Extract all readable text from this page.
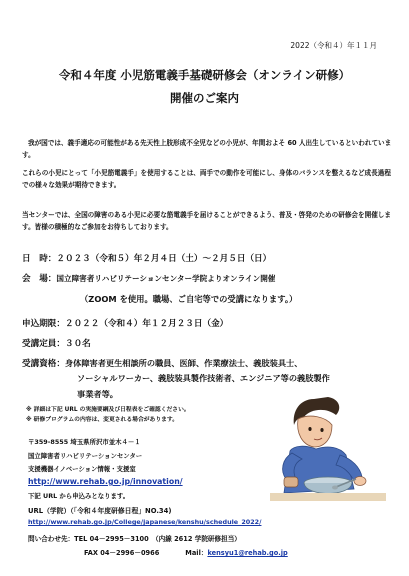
2022（令和４）年１１月
令和４年度 小児筋電義手基礎研修会（オンライン研修）
開催のご案内
我が国では、義手適応の可能性がある先天性上肢形成不全児などの小児が、年間およそ 60 人出生しているといわれています。
これらの小児にとって「小児筋電義手」を使用することは、両手での動作を可能にし、身体のバランスを整えるなど成長過程での様々な効果が期待できます。
当センターでは、全国の障害のある小児に必要な筋電義手を届けることができるよう、普及・啓発のための研修会を開催します。皆様の積極的なご参加をお待ちしております。
日　時：２０２３（令和５）年２月４日（土）～２月５日（日）
会　場：国立障害者リハビリテーションセンター学院よりオンライン開催
（ZOOM を使用。職場、ご自宅等での受講になります。）
申込期限：２０２２（令和４）年１２月２３日（金）
受講定員：３０名
受講資格：身体障害者更生相談所の職員、医師、作業療法士、義肢装具士、
ソーシャルワーカー、義肢装具製作技術者、エンジニア等の義肢製作
事業者等。
※ 詳細は下記 URL の実施要綱及び日程表をご確認ください。
※ 研修プログラムの内容は、変更される場合があります。
〒359-8555 埼玉県所沢市並木４－１
国立障害者リハビリテーションセンター
支援機器イノベーション情報・支援室
http://www.rehab.go.jp/innovation/
下記 URL から申込みとなります。
URL（学院）（「令和４年度研修日程」NO.34)
http://www.rehab.go.jp/College/japanese/kenshu/schedule_2022/
問い合わせ先：TEL 04－2995－3100　（内線 2612 学院研修担当）
FAX 04－2996－0966	Mail：kensyu1@rehab.go.jp
